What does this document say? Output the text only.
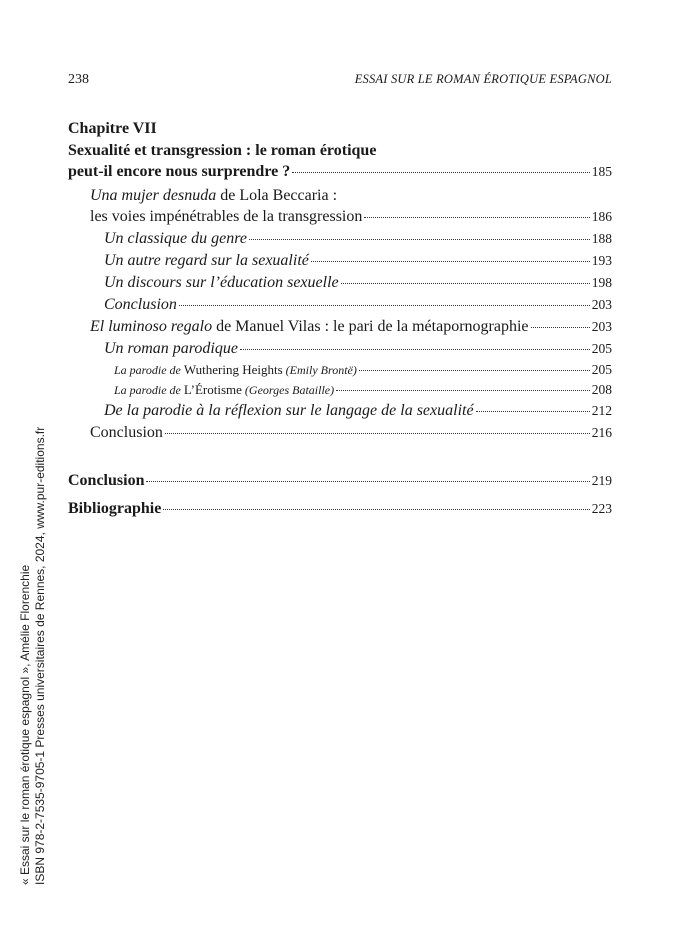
238	ESSAI SUR LE ROMAN ÉROTIQUE ESPAGNOL
Chapitre VII
Sexualité et transgression : le roman érotique
peut-il encore nous surprendre ?	185
Una mujer desnuda de Lola Beccaria :
les voies impénétrables de la transgression	186
Un classique du genre	188
Un autre regard sur la sexualité	193
Un discours sur l’éducation sexuelle	198
Conclusion	203
El luminoso regalo de Manuel Vilas : le pari de la métapornographie	203
Un roman parodique	205
La parodie de Wuthering Heights (Emily Brontë)	205
La parodie de L’Érotisme (Georges Bataille)	208
De la parodie à la réflexion sur le langage de la sexualité	212
Conclusion	216
Conclusion	219
Bibliographie	223
« Essai sur le roman érotique espagnol », Amélie Florenchie ISBN 978-2-7535-9705-1 Presses universitaires de Rennes, 2024, www.pur-editions.fr
